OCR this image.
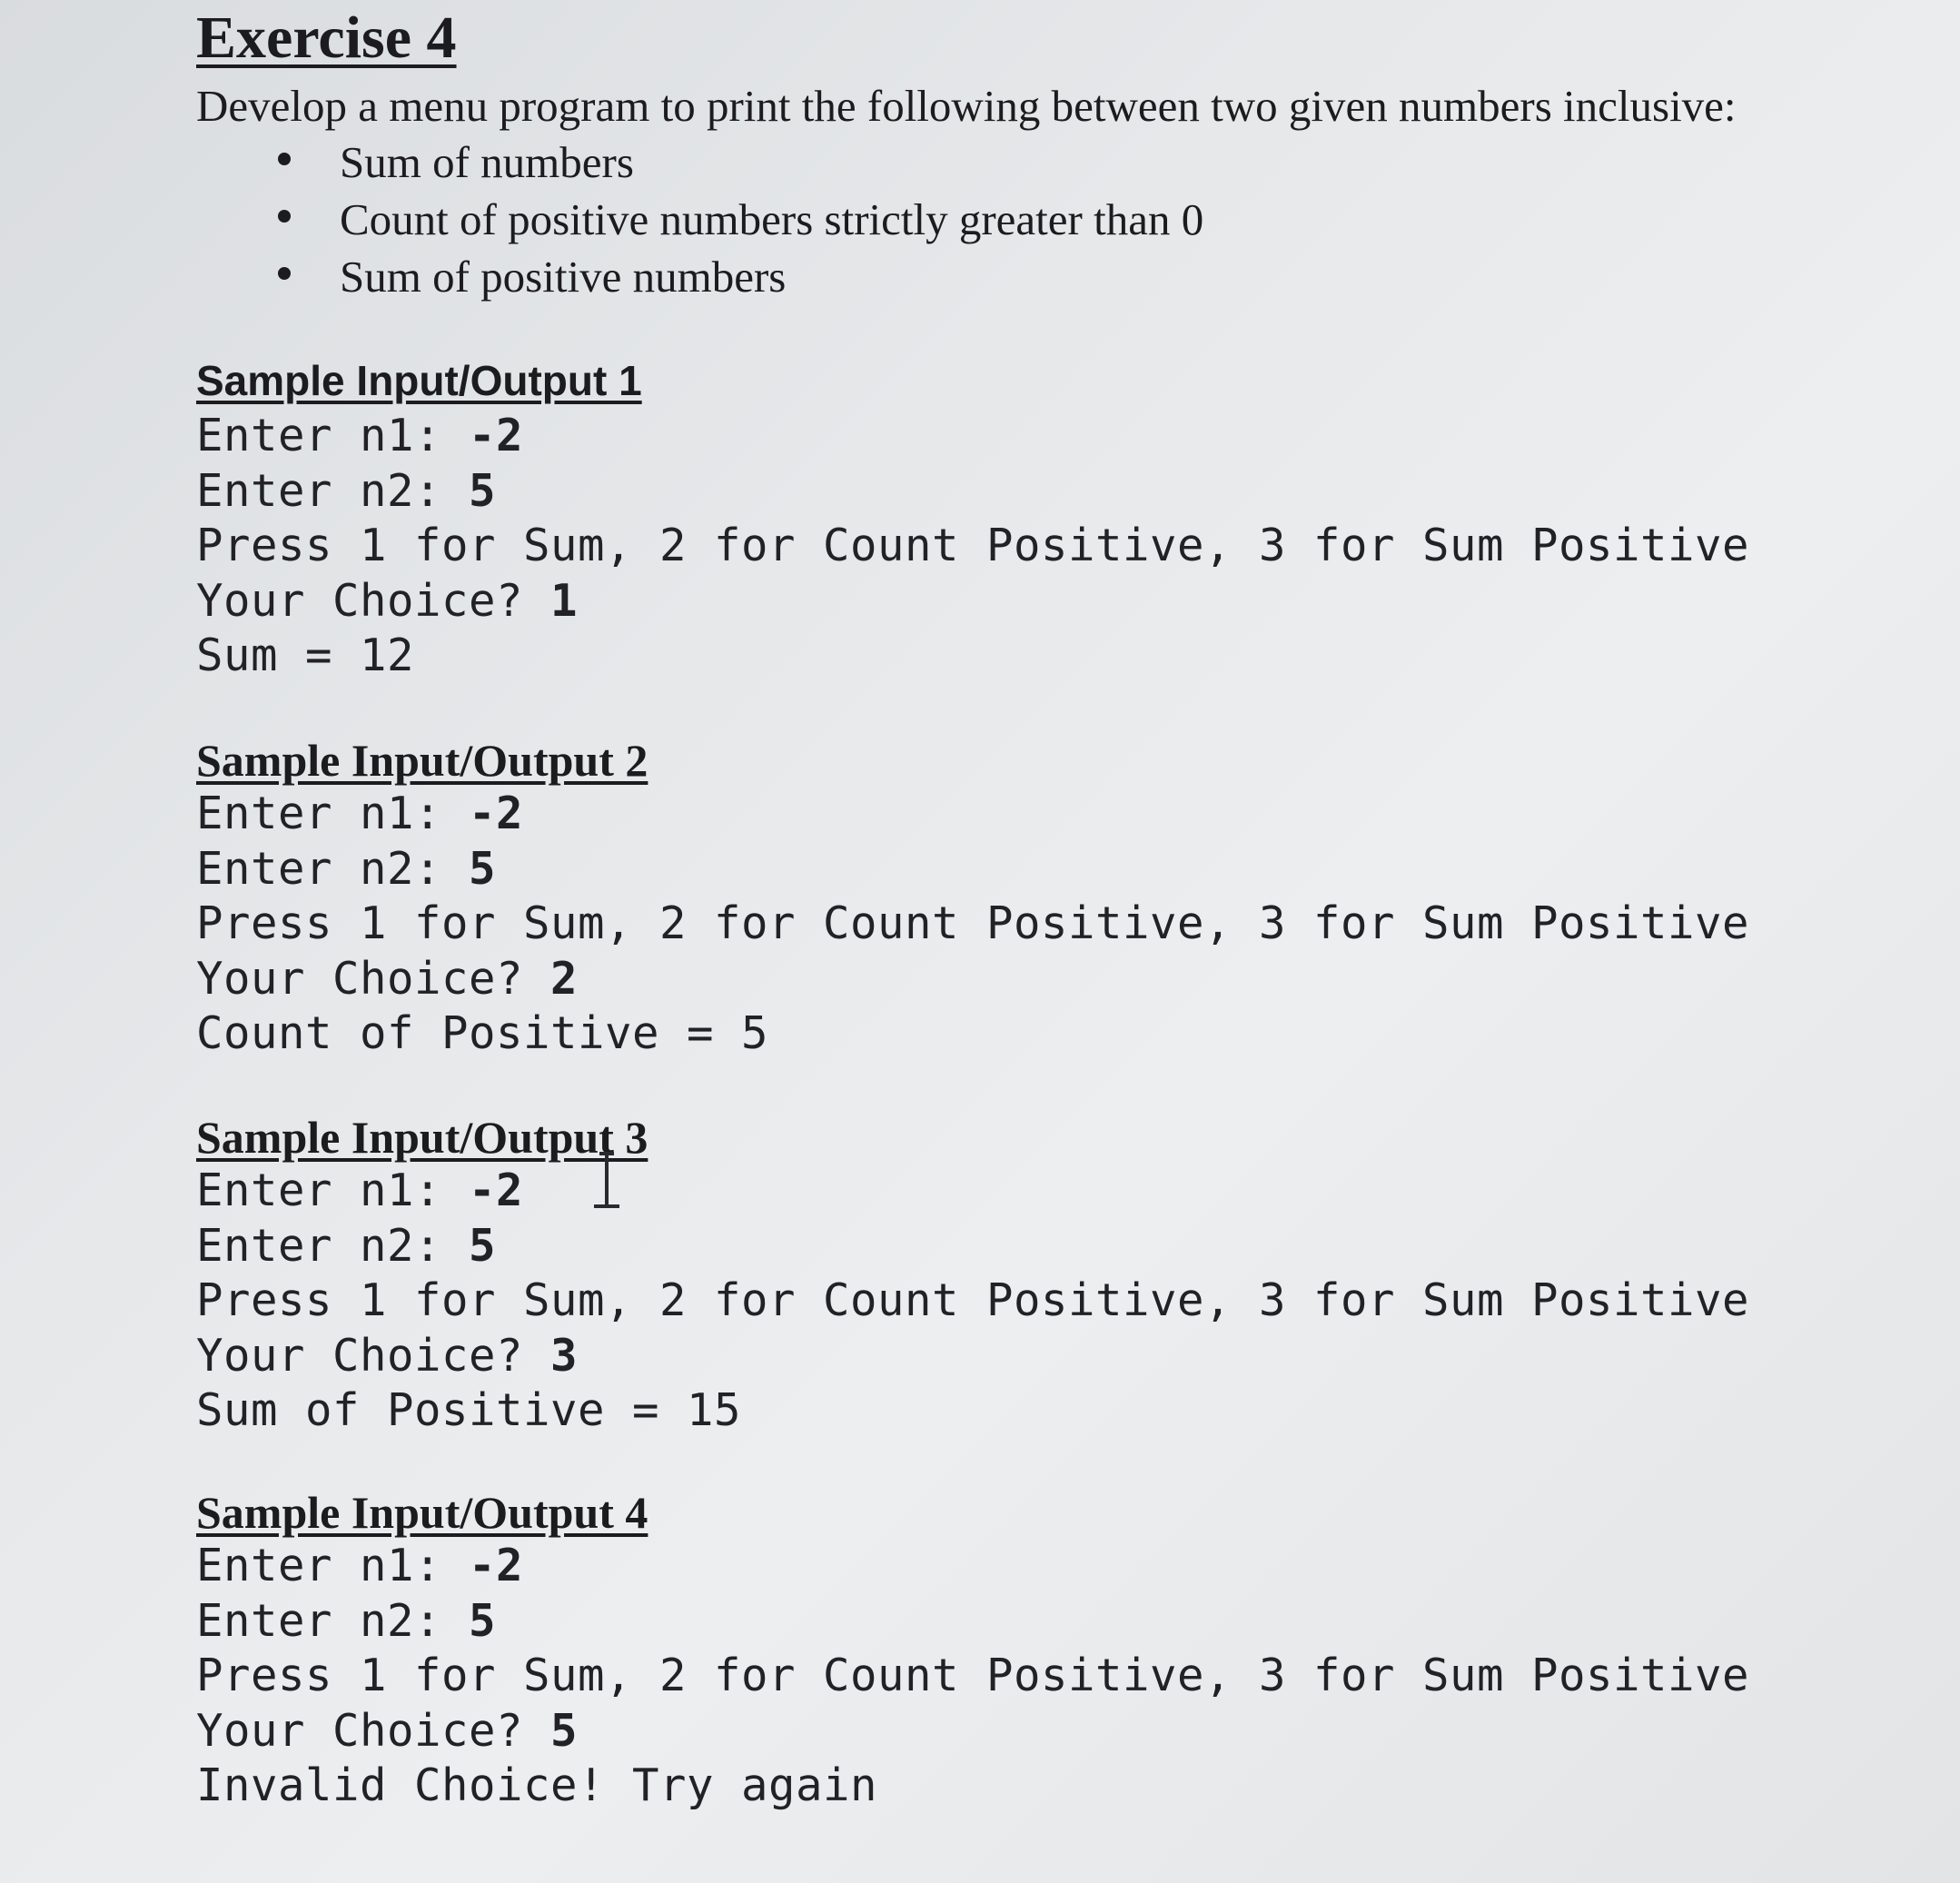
Exercise 4
Develop a menu program to print the following between two given numbers inclusive:
Sum of numbers
Count of positive numbers strictly greater than 0
Sum of positive numbers
Sample Input/Output 1
Enter n1: -2
Enter n2: 5
Press 1 for Sum, 2 for Count Positive, 3 for Sum Positive
Your Choice? 1
Sum = 12
Sample Input/Output 2
Enter n1: -2
Enter n2: 5
Press 1 for Sum, 2 for Count Positive, 3 for Sum Positive
Your Choice? 2
Count of Positive = 5
Sample Input/Output 3
Enter n1: -2
Enter n2: 5
Press 1 for Sum, 2 for Count Positive, 3 for Sum Positive
Your Choice? 3
Sum of Positive = 15
Sample Input/Output 4
Enter n1: -2
Enter n2: 5
Press 1 for Sum, 2 for Count Positive, 3 for Sum Positive
Your Choice? 5
Invalid Choice! Try again
